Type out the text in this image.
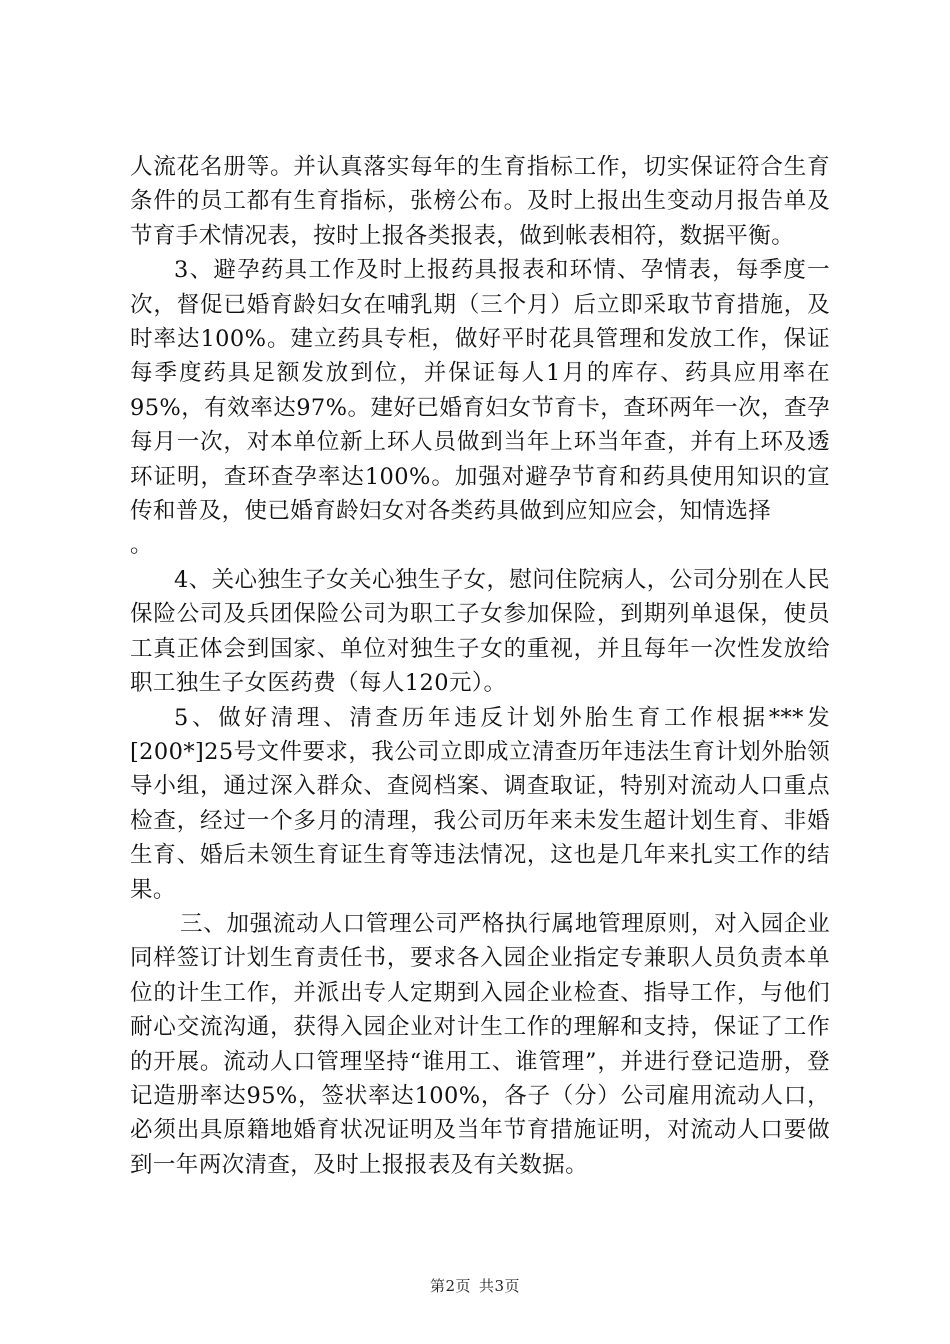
人流花名册等。并认真落实每年的生育指标工作，切实保证符合生育条件的员工都有生育指标，张榜公布。及时上报出生变动月报告单及节育手术情况表，按时上报各类报表，做到帐表相符，数据平衡。

3、避孕药具工作及时上报药具报表和环情、孕情表，每季度一次，督促已婚育龄妇女在哺乳期（三个月）后立即采取节育措施，及时率达100%。建立药具专柜，做好平时花具管理和发放工作，保证每季度药具足额发放到位，并保证每人1月的库存、药具应用率在95%，有效率达97%。建好已婚育妇女节育卡，查环两年一次，查孕每月一次，对本单位新上环人员做到当年上环当年查，并有上环及透环证明，查环查孕率达100%。加强对避孕节育和药具使用知识的宣传和普及，使已婚育龄妇女对各类药具做到应知应会，知情选择

。

4、关心独生子女关心独生子女，慰问住院病人，公司分别在人民保险公司及兵团保险公司为职工子女参加保险，到期列单退保，使员工真正体会到国家、单位对独生子女的重视，并且每年一次性发放给职工独生子女医药费（每人120元）。

5、做好清理、清查历年违反计划外胎生育工作根据***发[200*]25号文件要求，我公司立即成立清查历年违法生育计划外胎领导小组，通过深入群众、查阅档案、调查取证，特别对流动人口重点检查，经过一个多月的清理，我公司历年来未发生超计划生育、非婚生育、婚后未领生育证生育等违法情况，这也是几年来扎实工作的结果。

三、加强流动人口管理公司严格执行属地管理原则，对入园企业同样签订计划生育责任书，要求各入园企业指定专兼职人员负责本单位的计生工作，并派出专人定期到入园企业检查、指导工作，与他们耐心交流沟通，获得入园企业对计生工作的理解和支持，保证了工作的开展。流动人口管理坚持“谁用工、谁管理”，并进行登记造册，登记造册率达95%，签状率达100%，各子（分）公司雇用流动人口，必须出具原籍地婚育状况证明及当年节育措施证明，对流动人口要做到一年两次清查，及时上报报表及有关数据。

第2页 共3页
